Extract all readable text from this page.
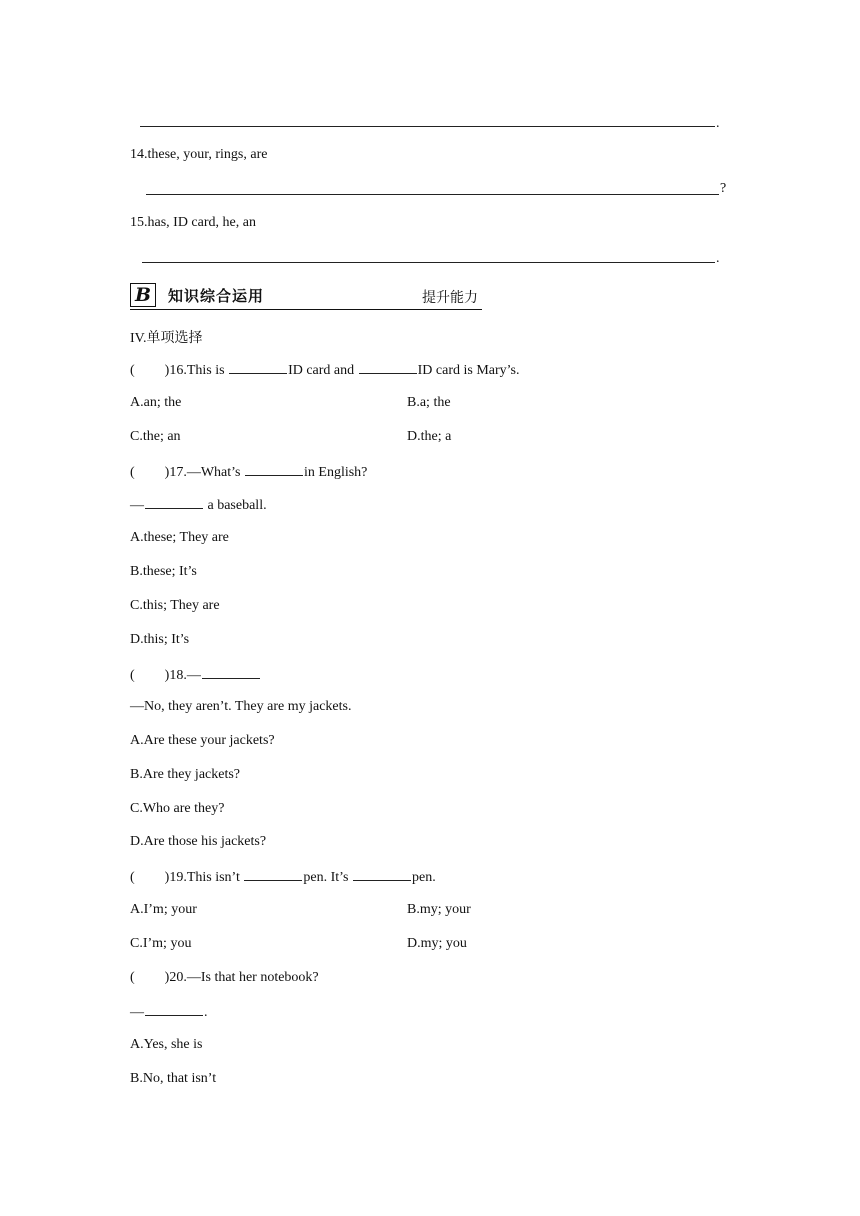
.
14.these, your, rings, are
?
15.has, ID card, he, an
.
B	知识综合运用	提升能力
IV.单项选择
( )16.This is	ID card and	ID card is Mary’s.
A.an; the	B.a; the
C.the; an	D.the; a
( )17.—What’s	in English?
—	a baseball.
A.these; They are
B.these; It’s
C.this; They are
D.this; It’s
( )18.—
—No, they aren’t. They are my jackets.
A.Are these your jackets?
B.Are they jackets?
C.Who are they?
D.Are those his jackets?
( )19.This isn’t	pen. It’s	pen.
A.I’m; your	B.my; your
C.I’m; you	D.my; you
( )20.—Is that her notebook?
—	.
A.Yes, she is
B.No, that isn’t
